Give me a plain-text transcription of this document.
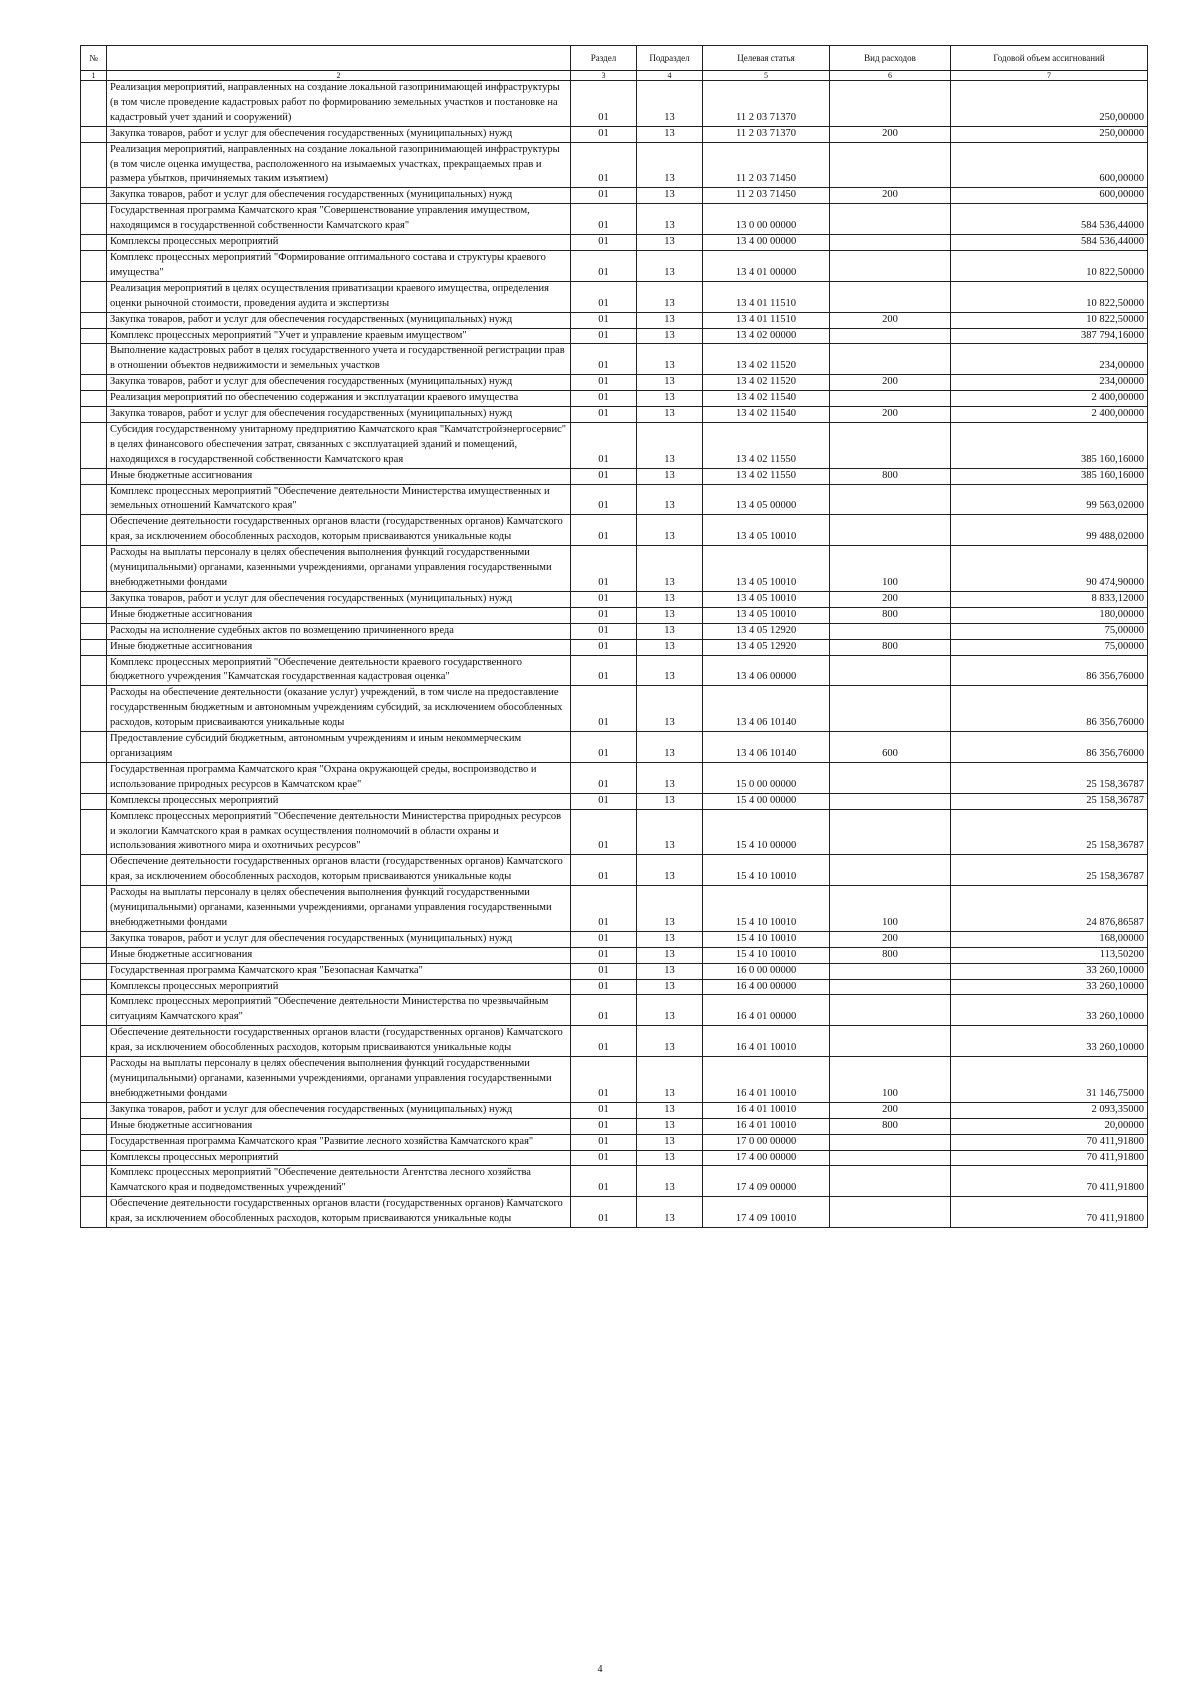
№		Раздел	Подраздел	Целевая статья	Вид расходов	Годовой объем ассигнований
1	2	3	4	5	6	7
	Реализация мероприятий, направленных на создание локальной газопринимающей инфраструктуры (в том числе проведение кадастровых работ по формированию земельных участков и постановке на кадастровый учет зданий и сооружений)	01	13	11 2 03 71370		250,00000
	Закупка товаров, работ и услуг для обеспечения государственных (муниципальных) нужд	01	13	11 2 03 71370	200	250,00000
	Реализация мероприятий, направленных на создание локальной газопринимающей инфраструктуры (в том числе оценка имущества, расположенного на изымаемых участках, прекращаемых прав и размера убытков, причиняемых таким изъятием)	01	13	11 2 03 71450		600,00000
	Закупка товаров, работ и услуг для обеспечения государственных (муниципальных) нужд	01	13	11 2 03 71450	200	600,00000
	Государственная программа Камчатского края "Совершенствование управления имуществом, находящимся в государственной собственности Камчатского края"	01	13	13 0 00 00000		584 536,44000
	Комплексы процессных мероприятий	01	13	13 4 00 00000		584 536,44000
	Комплекс процессных мероприятий "Формирование оптимального состава и структуры краевого имущества"	01	13	13 4 01 00000		10 822,50000
	Реализация мероприятий в целях осуществления приватизации краевого имущества, определения оценки рыночной стоимости, проведения аудита и экспертизы	01	13	13 4 01 11510		10 822,50000
	Закупка товаров, работ и услуг для обеспечения государственных (муниципальных) нужд	01	13	13 4 01 11510	200	10 822,50000
	Комплекс процессных мероприятий "Учет и управление краевым имуществом"	01	13	13 4 02 00000		387 794,16000
	Выполнение кадастровых работ в целях государственного учета и государственной регистрации прав в отношении объектов недвижимости и земельных участков	01	13	13 4 02 11520		234,00000
	Закупка товаров, работ и услуг для обеспечения государственных (муниципальных) нужд	01	13	13 4 02 11520	200	234,00000
	Реализация мероприятий по обеспечению содержания и эксплуатации краевого имущества	01	13	13 4 02 11540		2 400,00000
	Закупка товаров, работ и услуг для обеспечения государственных (муниципальных) нужд	01	13	13 4 02 11540	200	2 400,00000
	Субсидия государственному унитарному предприятию Камчатского края "Камчатстройэнергосервис" в целях финансового обеспечения затрат, связанных с эксплуатацией зданий и помещений, находящихся в государственной собственности Камчатского края	01	13	13 4 02 11550		385 160,16000
	Иные бюджетные ассигнования	01	13	13 4 02 11550	800	385 160,16000
	Комплекс процессных мероприятий "Обеспечение деятельности Министерства имущественных и земельных отношений Камчатского края"	01	13	13 4 05 00000		99 563,02000
	Обеспечение деятельности государственных органов власти (государственных органов) Камчатского края, за исключением обособленных расходов, которым присваиваются уникальные коды	01	13	13 4 05 10010		99 488,02000
	Расходы на выплаты персоналу в целях обеспечения выполнения функций государственными (муниципальными) органами, казенными учреждениями, органами управления государственными внебюджетными фондами	01	13	13 4 05 10010	100	90 474,90000
	Закупка товаров, работ и услуг для обеспечения государственных (муниципальных) нужд	01	13	13 4 05 10010	200	8 833,12000
	Иные бюджетные ассигнования	01	13	13 4 05 10010	800	180,00000
	Расходы на исполнение судебных актов по возмещению причиненного вреда	01	13	13 4 05 12920		75,00000
	Иные бюджетные ассигнования	01	13	13 4 05 12920	800	75,00000
	Комплекс процессных мероприятий "Обеспечение деятельности краевого государственного бюджетного учреждения "Камчатская государственная кадастровая оценка"	01	13	13 4 06 00000		86 356,76000
	Расходы на обеспечение деятельности (оказание услуг) учреждений, в том числе на предоставление государственным бюджетным и автономным учреждениям субсидий, за исключением обособленных расходов, которым присваиваются уникальные коды	01	13	13 4 06 10140		86 356,76000
	Предоставление субсидий бюджетным, автономным учреждениям и иным некоммерческим организациям	01	13	13 4 06 10140	600	86 356,76000
	Государственная программа Камчатского края "Охрана окружающей среды, воспроизводство и использование природных ресурсов в Камчатском крае"	01	13	15 0 00 00000		25 158,36787
	Комплексы процессных мероприятий	01	13	15 4 00 00000		25 158,36787
	Комплекс процессных мероприятий "Обеспечение деятельности Министерства природных ресурсов и экологии Камчатского края в рамках осуществления полномочий в области охраны и использования животного мира и охотничьих ресурсов"	01	13	15 4 10 00000		25 158,36787
	Обеспечение деятельности государственных органов власти (государственных органов) Камчатского края, за исключением обособленных расходов, которым присваиваются уникальные коды	01	13	15 4 10 10010		25 158,36787
	Расходы на выплаты персоналу в целях обеспечения выполнения функций государственными (муниципальными) органами, казенными учреждениями, органами управления государственными внебюджетными фондами	01	13	15 4 10 10010	100	24 876,86587
	Закупка товаров, работ и услуг для обеспечения государственных (муниципальных) нужд	01	13	15 4 10 10010	200	168,00000
	Иные бюджетные ассигнования	01	13	15 4 10 10010	800	113,50200
	Государственная программа Камчатского края "Безопасная Камчатка"	01	13	16 0 00 00000		33 260,10000
	Комплексы процессных мероприятий	01	13	16 4 00 00000		33 260,10000
	Комплекс процессных мероприятий "Обеспечение деятельности Министерства по чрезвычайным ситуациям Камчатского края"	01	13	16 4 01 00000		33 260,10000
	Обеспечение деятельности государственных органов власти (государственных органов) Камчатского края, за исключением обособленных расходов, которым присваиваются уникальные коды	01	13	16 4 01 10010		33 260,10000
	Расходы на выплаты персоналу в целях обеспечения выполнения функций государственными (муниципальными) органами, казенными учреждениями, органами управления государственными внебюджетными фондами	01	13	16 4 01 10010	100	31 146,75000
	Закупка товаров, работ и услуг для обеспечения государственных (муниципальных) нужд	01	13	16 4 01 10010	200	2 093,35000
	Иные бюджетные ассигнования	01	13	16 4 01 10010	800	20,00000
	Государственная программа Камчатского края "Развитие лесного хозяйства Камчатского края"	01	13	17 0 00 00000		70 411,91800
	Комплексы процессных мероприятий	01	13	17 4 00 00000		70 411,91800
	Комплекс процессных мероприятий "Обеспечение деятельности Агентства лесного хозяйства Камчатского края и подведомственных учреждений"	01	13	17 4 09 00000		70 411,91800
	Обеспечение деятельности государственных органов власти (государственных органов) Камчатского края, за исключением обособленных расходов, которым присваиваются уникальные коды	01	13	17 4 09 10010		70 411,91800
4
